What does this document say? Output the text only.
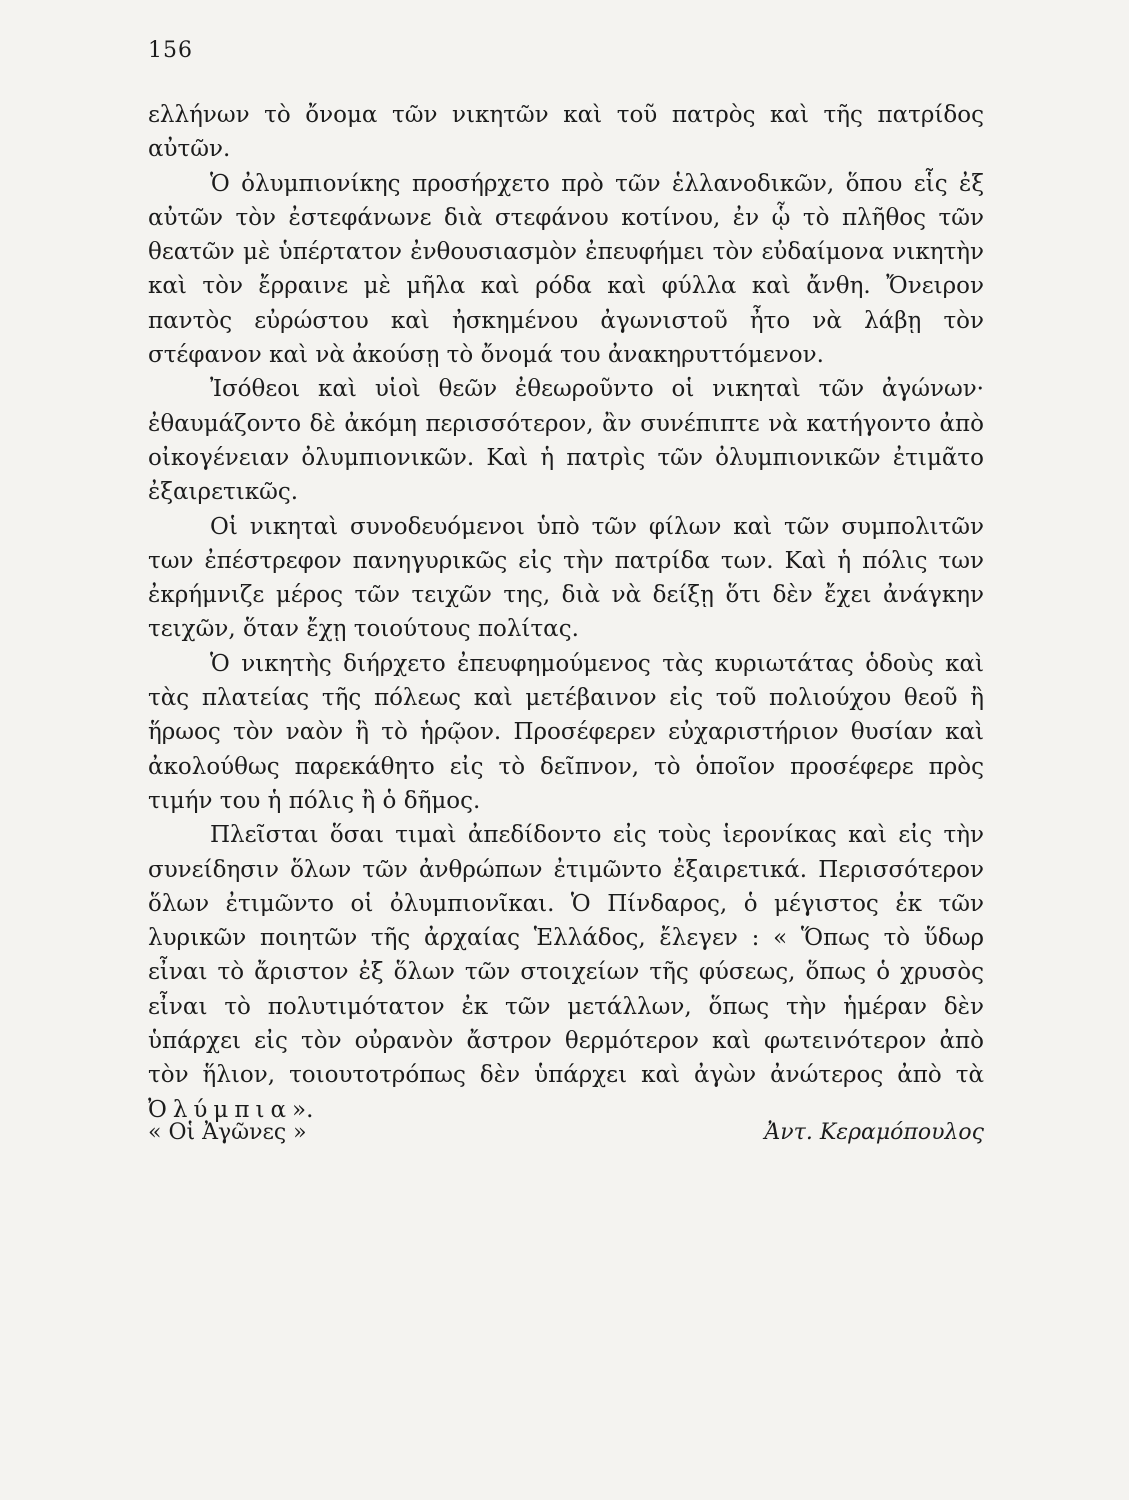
156

ελλήνων τὸ ὄνομα τῶν νικητῶν καὶ τοῦ πατρὸς καὶ τῆς πατρίδος αὐτῶν.

Ὁ ὀλυμπιονίκης προσήρχετο πρὸ τῶν ἑλλανοδικῶν, ὅπου εἷς ἐξ αὐτῶν τὸν ἐστεφάνωνε διὰ στεφάνου κοτίνου, ἐν ᾧ τὸ πλῆθος τῶν θεατῶν μὲ ὑπέρτατον ἐνθουσιασμὸν ἐπευφήμει τὸν εὐδαίμονα νικητὴν καὶ τὸν ἔρραινε μὲ μῆλα καὶ ρόδα καὶ φύλλα καὶ ἄνθη. Ὄνειρον παντὸς εὐρώστου καὶ ἠσκημένου ἀγωνιστοῦ ἦτο νὰ λάβῃ τὸν στέφανον καὶ νὰ ἀκούσῃ τὸ ὄνομά του ἀνακηρυττόμενον.

Ἰσόθεοι καὶ υἱοὶ θεῶν ἐθεωροῦντο οἱ νικηταὶ τῶν ἀγώνων· ἐθαυμάζοντο δὲ ἀκόμη περισσότερον, ἂν συνέπιπτε νὰ κατήγοντο ἀπὸ οἰκογένειαν ὀλυμπιονικῶν. Καὶ ἡ πατρὶς τῶν ὀλυμπιονικῶν ἐτιμᾶτο ἐξαιρετικῶς.

Οἱ νικηταὶ συνοδευόμενοι ὑπὸ τῶν φίλων καὶ τῶν συμπολιτῶν των ἐπέστρεφον πανηγυρικῶς εἰς τὴν πατρίδα των. Καὶ ἡ πόλις των ἐκρήμνιζε μέρος τῶν τειχῶν της, διὰ νὰ δείξῃ ὅτι δὲν ἔχει ἀνάγκην τειχῶν, ὅταν ἔχῃ τοιούτους πολίτας.

Ὁ νικητὴς διήρχετο ἐπευφημούμενος τὰς κυριωτάτας ὁδοὺς καὶ τὰς πλατείας τῆς πόλεως καὶ μετέβαινον εἰς τοῦ πολιούχου θεοῦ ἢ ἥρωος τὸν ναὸν ἢ τὸ ἡρῷον. Προσέφερεν εὐχαριστήριον θυσίαν καὶ ἀκολούθως παρεκάθητο εἰς τὸ δεῖπνον, τὸ ὁποῖον προσέφερε πρὸς τιμήν του ἡ πόλις ἢ ὁ δῆμος.

Πλεῖσται ὅσαι τιμαὶ ἀπεδίδοντο εἰς τοὺς ἱερονίκας καὶ εἰς τὴν συνείδησιν ὅλων τῶν ἀνθρώπων ἐτιμῶντο ἐξαιρετικά. Περισσότερον ὅλων ἐτιμῶντο οἱ ὀλυμπιονῖκαι. Ὁ Πίνδαρος, ὁ μέγιστος ἐκ τῶν λυρικῶν ποιητῶν τῆς ἀρχαίας Ἑλλάδος, ἔλεγεν : « Ὅπως τὸ ὕδωρ εἶναι τὸ ἄριστον ἐξ ὅλων τῶν στοιχείων τῆς φύσεως, ὅπως ὁ χρυσὸς εἶναι τὸ πολυτιμότατον ἐκ τῶν μετάλλων, ὅπως τὴν ἡμέραν δὲν ὑπάρχει εἰς τὸν οὐρανὸν ἄστρον θερμότερον καὶ φωτεινότερον ἀπὸ τὸν ἥλιον, τοιουτοτρόπως δὲν ὑπάρχει καὶ ἀγὼν ἀνώτερος ἀπὸ τὰ Ὀλύμπια».

« Οἱ Ἀγῶνες »	Ἀντ. Κεραμόπουλος
